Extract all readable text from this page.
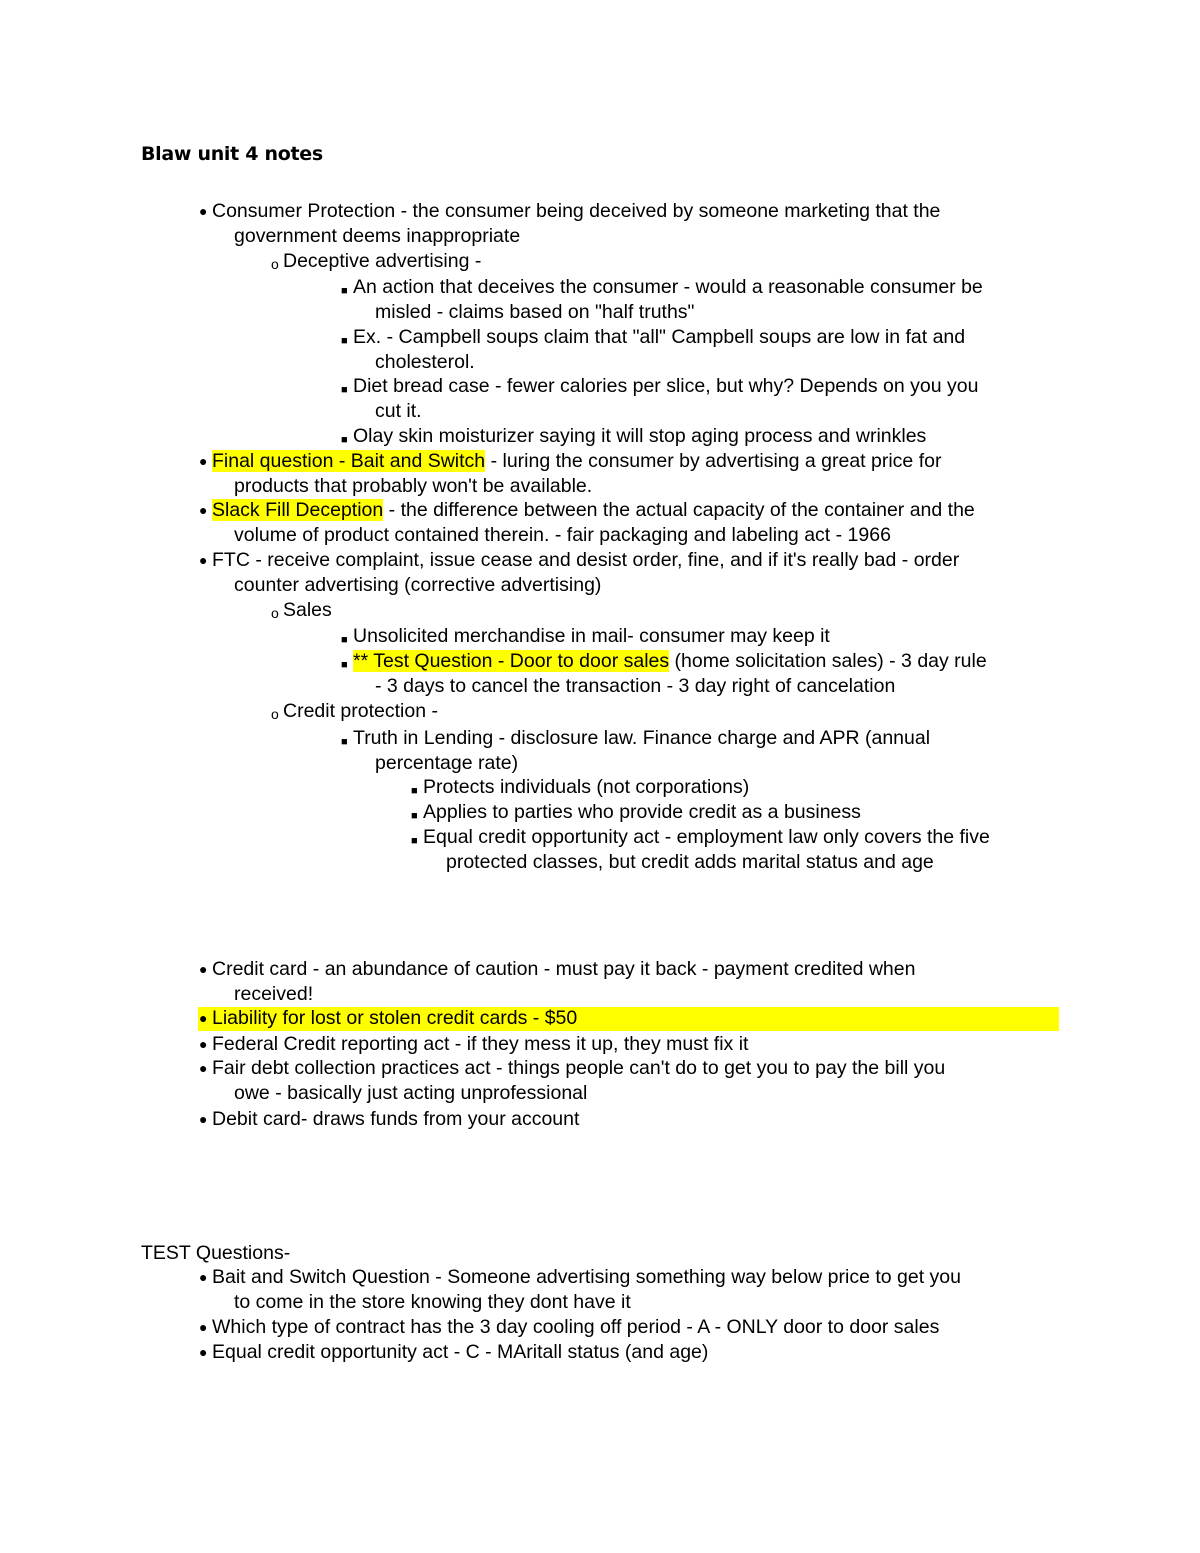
Blaw unit 4 notes
● Consumer Protection - the consumer being deceived by someone marketing that the
government deems inappropriate
o Deceptive advertising -
■ An action that deceives the consumer - would a reasonable consumer be
misled - claims based on "half truths"
■ Ex. - Campbell soups claim that "all" Campbell soups are low in fat and
cholesterol.
■ Diet bread case - fewer calories per slice, but why? Depends on you you
cut it.
■ Olay skin moisturizer saying it will stop aging process and wrinkles
● Final question - Bait and Switch - luring the consumer by advertising a great price for
products that probably won't be available.
● Slack Fill Deception - the difference between the actual capacity of the container and the
volume of product contained therein. - fair packaging and labeling act - 1966
● FTC - receive complaint, issue cease and desist order, fine, and if it's really bad - order
counter advertising (corrective advertising)
o Sales
■ Unsolicited merchandise in mail- consumer may keep it
■ ** Test Question - Door to door sales (home solicitation sales) - 3 day rule
- 3 days to cancel the transaction - 3 day right of cancelation
o Credit protection -
■ Truth in Lending - disclosure law. Finance charge and APR (annual
percentage rate)
■ Protects individuals (not corporations)
■ Applies to parties who provide credit as a business
■ Equal credit opportunity act - employment law only covers the five
protected classes, but credit adds marital status and age
● Credit card - an abundance of caution - must pay it back - payment credited when
received!
● Liability for lost or stolen credit cards - $50
● Federal Credit reporting act - if they mess it up, they must fix it
● Fair debt collection practices act - things people can't do to get you to pay the bill you
owe - basically just acting unprofessional
● Debit card- draws funds from your account
TEST Questions-
● Bait and Switch Question - Someone advertising something way below price to get you
to come in the store knowing they dont have it
● Which type of contract has the 3 day cooling off period - A - ONLY door to door sales
● Equal credit opportunity act - C - MAritall status (and age)
